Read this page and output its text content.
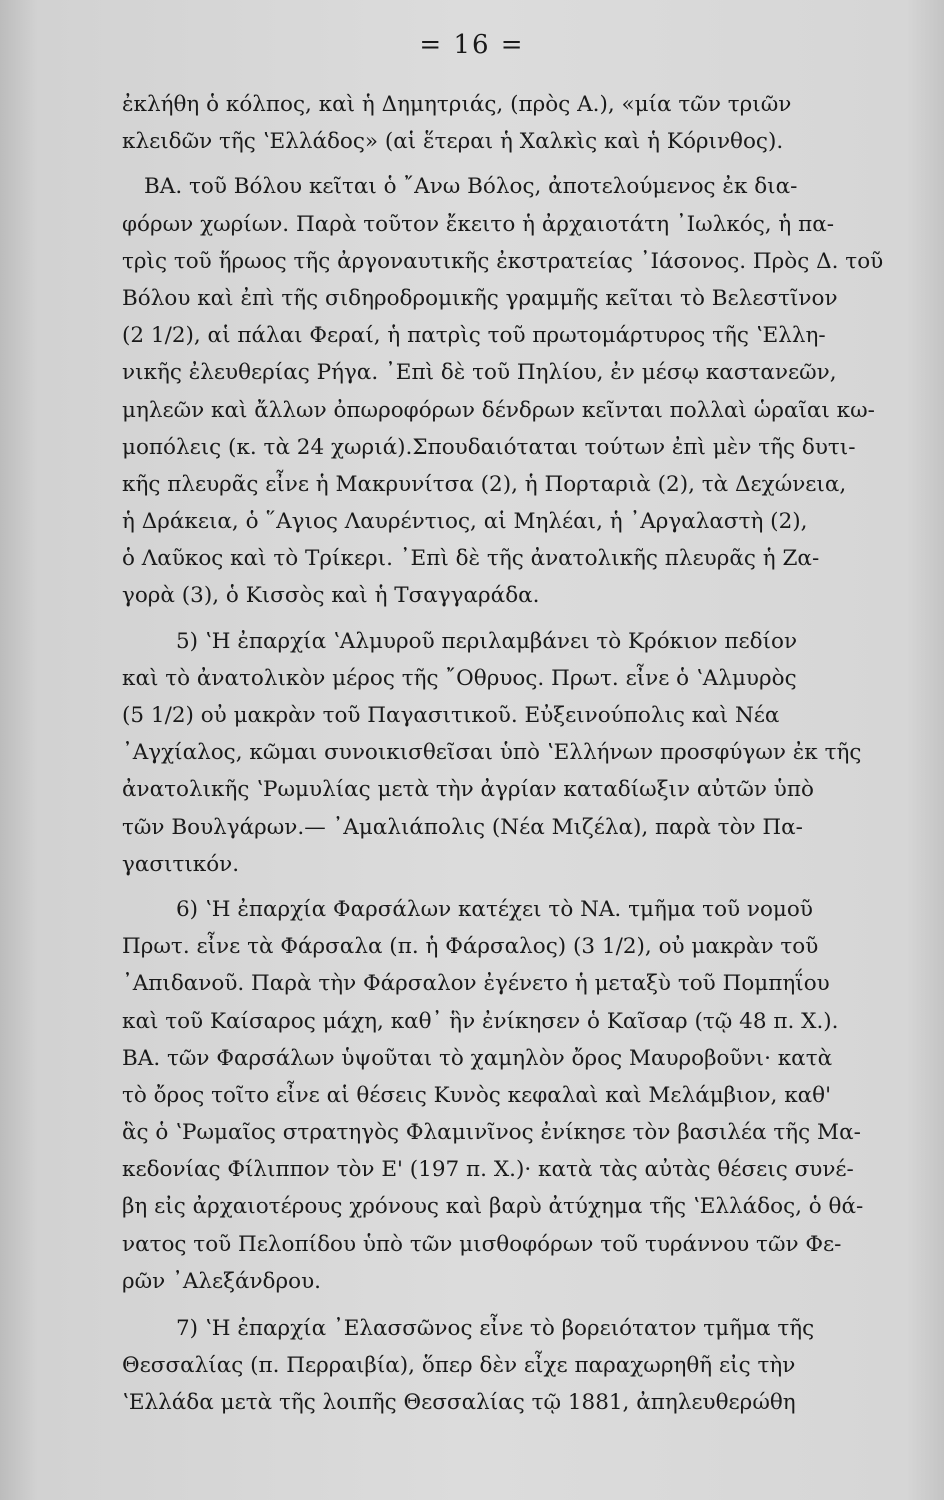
= 16 =
ἐκλήθη ὁ κόλπος, καὶ ἡ Δημητριάς, (πρὸς Α.), «μία τῶν τριῶν
κλειδῶν τῆς ʽΕλλάδος» (αἱ ἕτεραι ἡ Χαλκὶς καὶ ἡ Κόρινθος).
ΒΑ. τοῦ Βόλου κεῖται ὁ ῎Ανω Βόλος, ἀποτελούμενος ἐκ δια-
φόρων χωρίων. Παρὰ τοῦτον ἔκειτο ἡ ἀρχαιοτάτη ᾿Ιωλκός, ἡ πα-
τρὶς τοῦ ἥρωος τῆς ἀργοναυτικῆς ἐκστρατείας ᾿Ιάσονος. Πρὸς Δ. τοῦ
Βόλου καὶ ἐπὶ τῆς σιδηροδρομικῆς γραμμῆς κεῖται τὸ Βελεστῖνον
(2 1/2), αἱ πάλαι Φεραί, ἡ πατρὶς τοῦ πρωτομάρτυρος τῆς ʽΕλλη-
νικῆς ἐλευθερίας Ρήγα. ᾿Επὶ δὲ τοῦ Πηλίου, ἐν μέσῳ καστανεῶν,
μηλεῶν καὶ ἄλλων ὀπωροφόρων δένδρων κεῖνται πολλαὶ ὡραῖαι κω-
μοπόλεις (κ. τὰ 24 χωριά).Σπουδαιόταται τούτων ἐπὶ μὲν τῆς δυτι-
κῆς πλευρᾶς εἶνε ἡ Μακρυνίτσα (2), ἡ Πορταριὰ (2), τὰ Δεχώνεια,
ἡ Δράκεια, ὁ ῞Αγιος Λαυρέντιος, αἱ Μηλέαι, ἡ ᾿Αργαλαστὴ (2),
ὁ Λαῦκος καὶ τὸ Τρίκερι. ᾿Επὶ δὲ τῆς ἀνατολικῆς πλευρᾶς ἡ Ζα-
γορὰ (3), ὁ Κισσὸς καὶ ἡ Τσαγγαράδα.
5) ʽΗ ἐπαρχία ʽΑλμυροῦ περιλαμβάνει τὸ Κρόκιον πεδίον
καὶ τὸ ἀνατολικὸν μέρος τῆς ῎Οθρυος. Πρωτ. εἶνε ὁ ʽΑλμυρὸς
(5 1/2) οὐ μακρὰν τοῦ Παγασιτικοῦ. Εὐξεινούπολις καὶ Νέα
᾿Αγχίαλος, κῶμαι συνοικισθεῖσαι ὑπὸ ʽΕλλήνων προσφύγων ἐκ τῆς
ἀνατολικῆς ʽΡωμυλίας μετὰ τὴν ἀγρίαν καταδίωξιν αὐτῶν ὑπὸ
τῶν Βουλγάρων.— ᾿Αμαλιάπολις (Νέα Μιζέλα), παρὰ τὸν Πα-
γασιτικόν.
6) ʽΗ ἐπαρχία Φαρσάλων κατέχει τὸ ΝΑ. τμῆμα τοῦ νομοῦ
Πρωτ. εἶνε τὰ Φάρσαλα (π. ἡ Φάρσαλος) (3 1/2), οὐ μακρὰν τοῦ
᾿Απιδανοῦ. Παρὰ τὴν Φάρσαλον ἐγένετο ἡ μεταξὺ τοῦ Πομπηΐου
καὶ τοῦ Καίσαρος μάχη, καθ᾿ ἣν ἐνίκησεν ὁ Καῖσαρ (τῷ 48 π. Χ.).
ΒΑ. τῶν Φαρσάλων ὑψοῦται τὸ χαμηλὸν ὄρος Μαυροβοῦνι· κατὰ
τὸ ὄρος τοῖτο εἶνε αἱ θέσεις Κυνὸς κεφαλαὶ καὶ Μελάμβιον, καθ'
ἃς ὁ ʽΡωμαῖος στρατηγὸς Φλαμινῖνος ἐνίκησε τὸν βασιλέα τῆς Μα-
κεδονίας Φίλιππον τὸν Ε' (197 π. Χ.)· κατὰ τὰς αὐτὰς θέσεις συνέ-
βη εἰς ἀρχαιοτέρους χρόνους καὶ βαρὺ ἀτύχημα τῆς ʽΕλλάδος, ὁ θά-
νατος τοῦ Πελοπίδου ὑπὸ τῶν μισθοφόρων τοῦ τυράννου τῶν Φε-
ρῶν ᾿Αλεξάνδρου.
7) ʽΗ ἐπαρχία ᾿Ελασσῶνος εἶνε τὸ βορειότατον τμῆμα τῆς
Θεσσαλίας (π. Περραιβία), ὅπερ δὲν εἶχε παραχωρηθῆ εἰς τὴν
ʽΕλλάδα μετὰ τῆς λοιπῆς Θεσσαλίας τῷ 1881, ἀπηλευθερώθη
